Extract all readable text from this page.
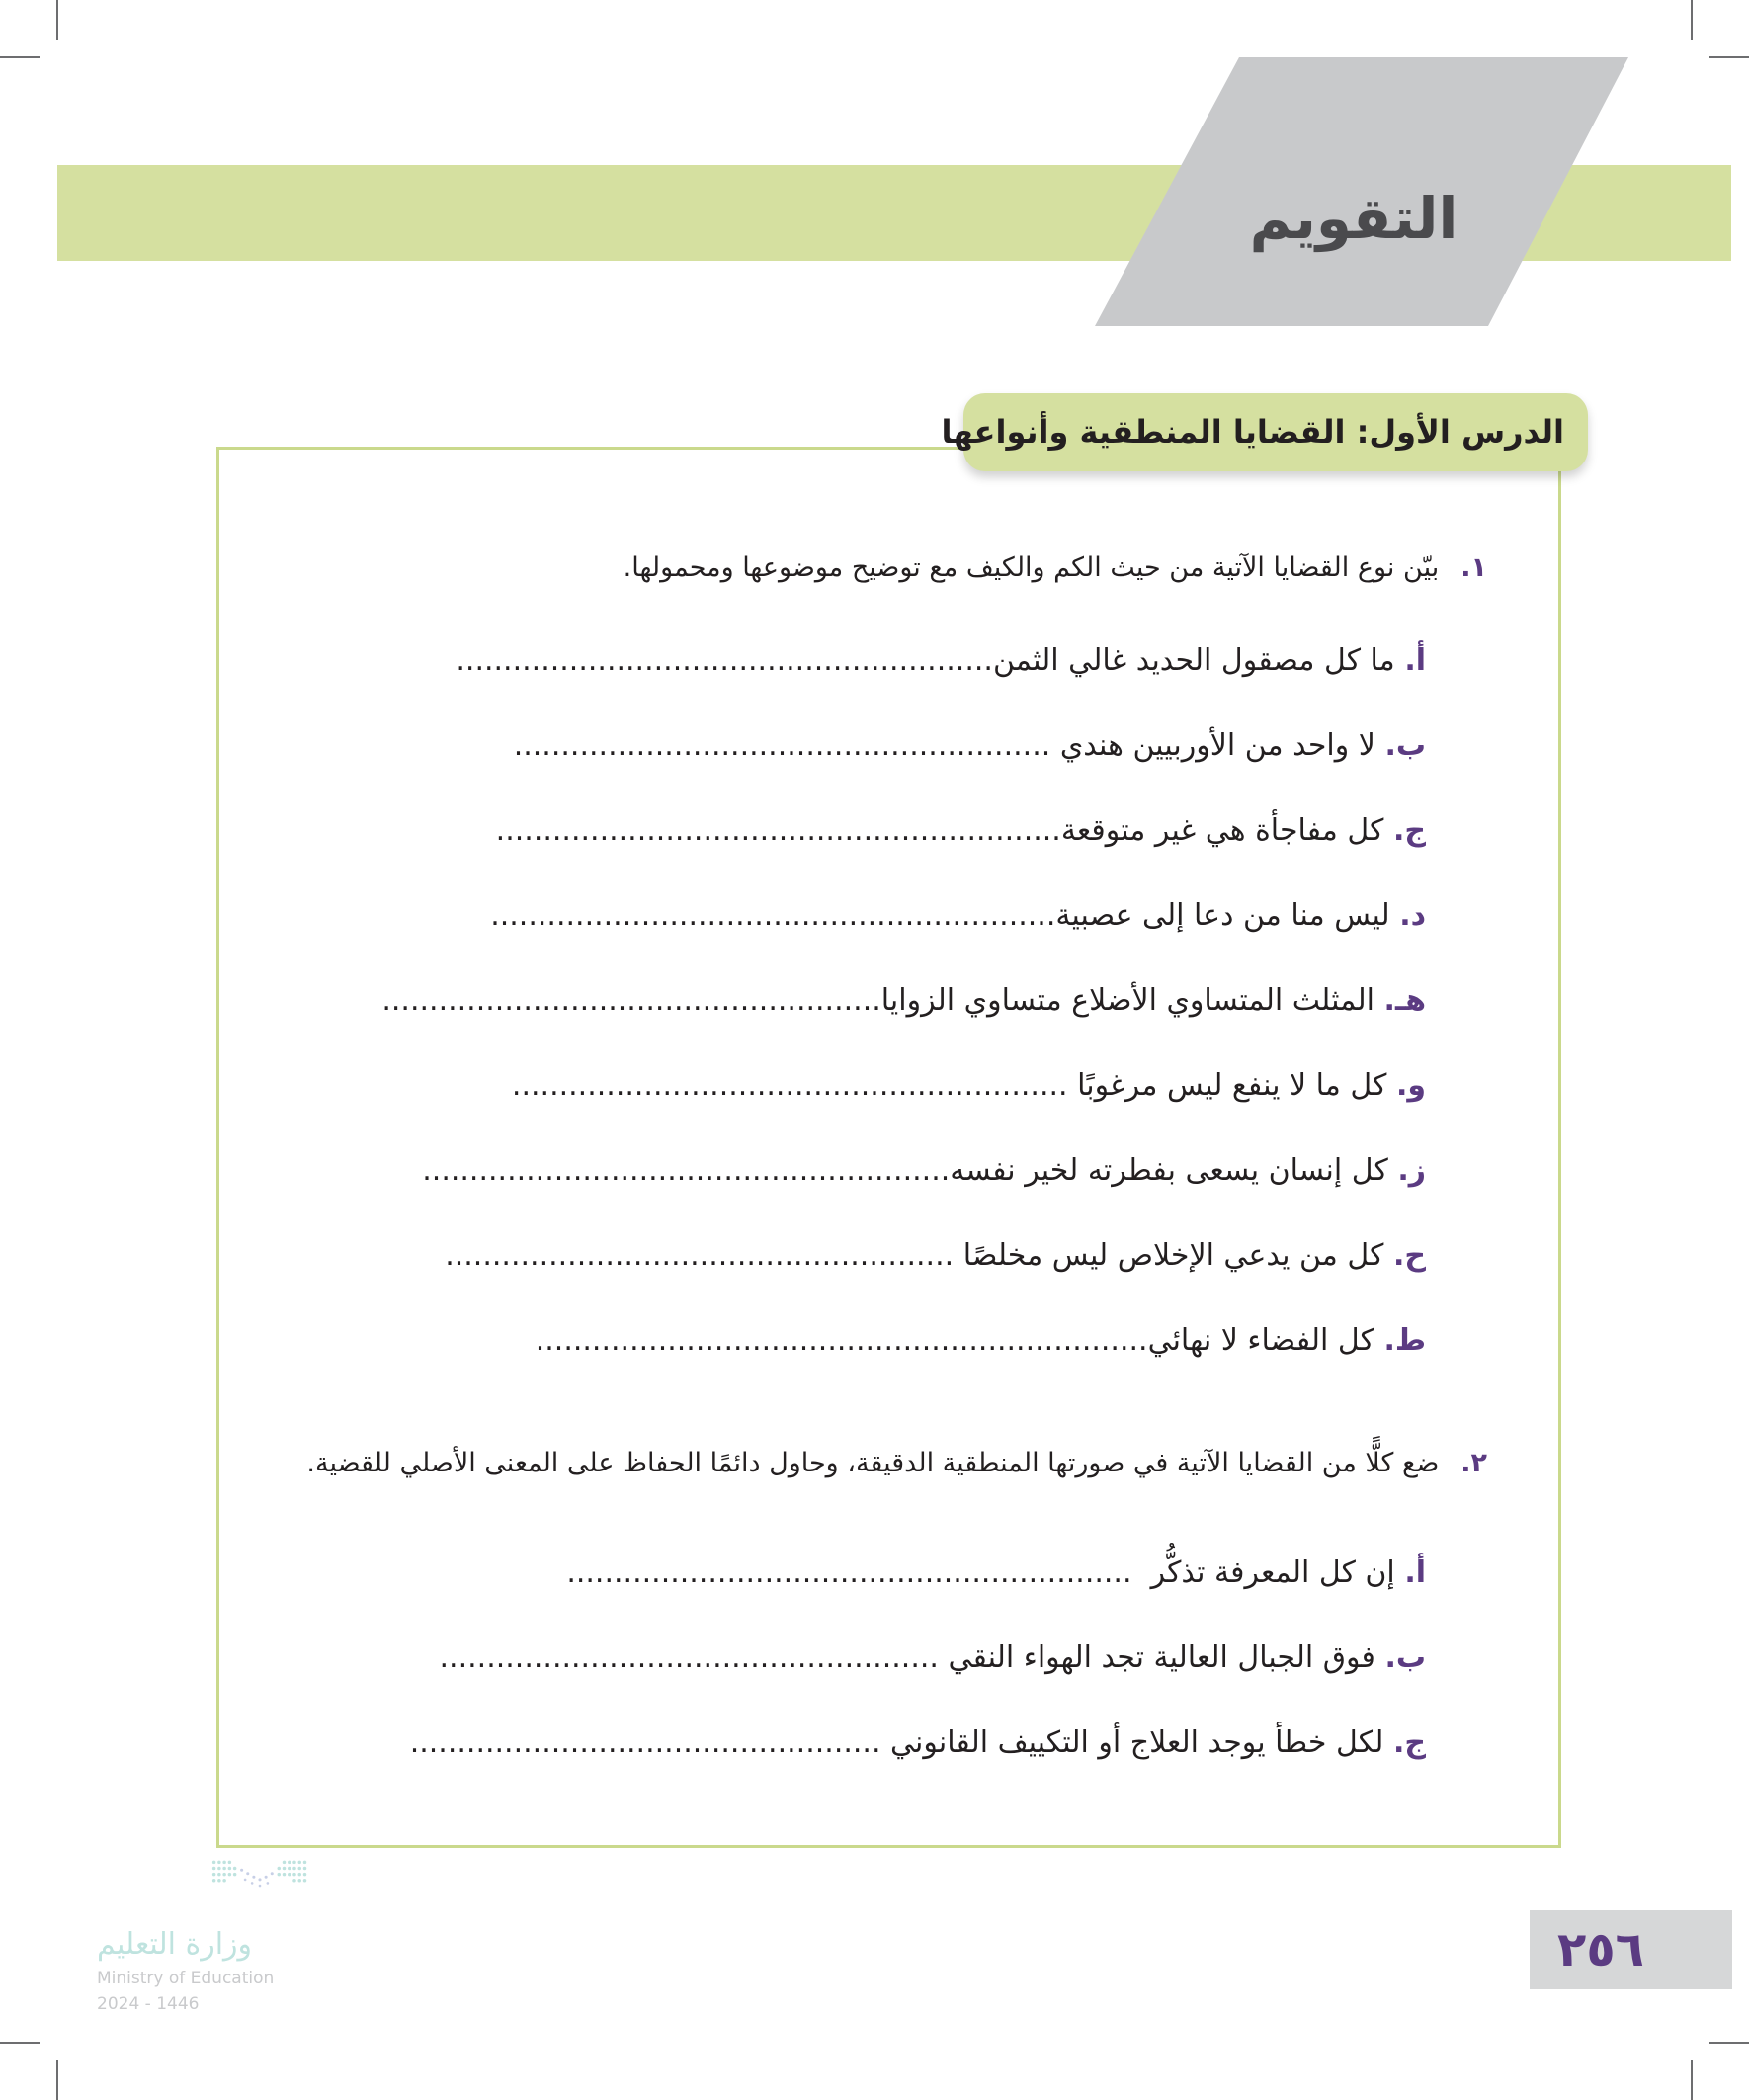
التقويم
الدرس الأول: القضايا المنطقية وأنواعها
١.بيّن نوع القضايا الآتية من حيث الكم والكيف مع توضيح موضوعها ومحمولها.
أ. ما كل مصقول الحديد غالي الثمن.........................................................
ب. لا واحد من الأوربيين هندي .........................................................
ج. كل مفاجأة هي غير متوقعة............................................................
د. ليس منا من دعا إلى عصبية............................................................
هـ. المثلث المتساوي الأضلاع متساوي الزوايا.....................................................
و. كل ما لا ينفع ليس مرغوبًا ...........................................................
ز. كل إنسان يسعى بفطرته لخير نفسه........................................................
ح. كل من يدعي الإخلاص ليس مخلصًا ......................................................
ط. كل الفضاء لا نهائي.................................................................
٢.ضع كلًّا من القضايا الآتية في صورتها المنطقية الدقيقة، وحاول دائمًا الحفاظ على المعنى الأصلي للقضية.
أ. إن كل المعرفة تذكُّر  ............................................................
ب. فوق الجبال العالية تجد الهواء النقي .....................................................
ج. لكل خطأ يوجد العلاج أو التكييف القانوني ..................................................
وزارة التعليم
Ministry of Education
2024 - 1446
٢٥٦
